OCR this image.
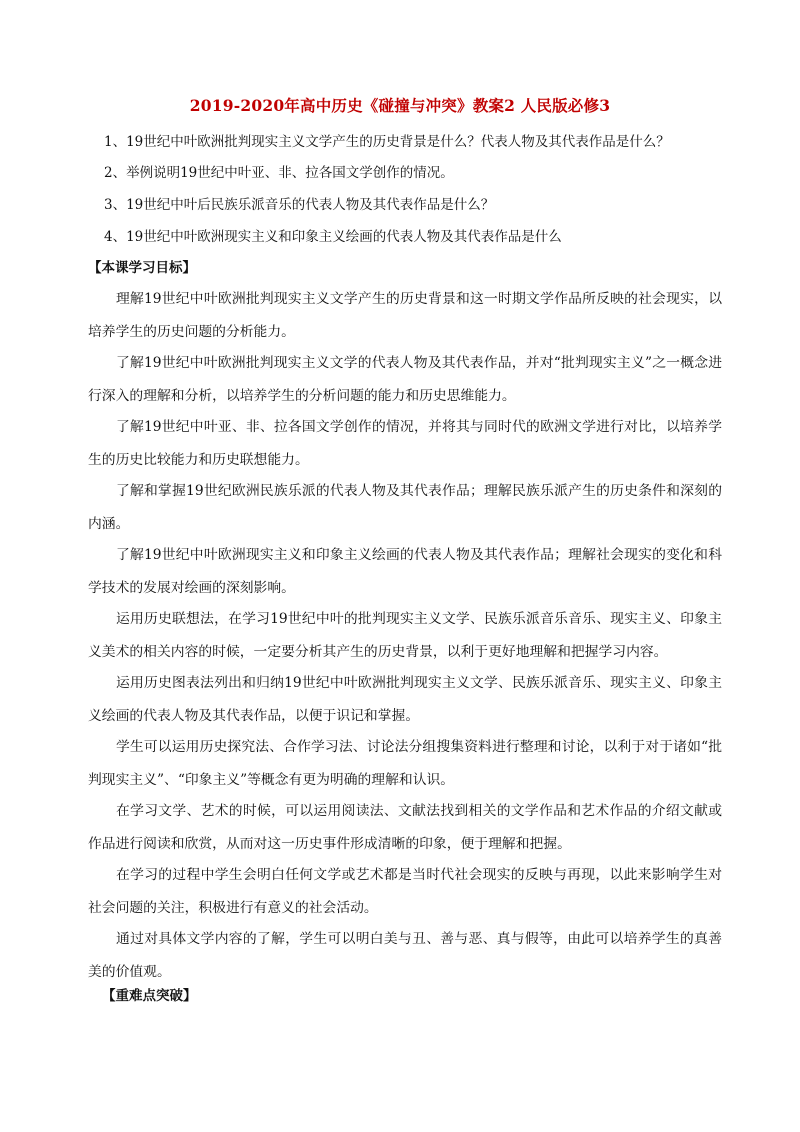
2019-2020年高中历史《碰撞与冲突》教案2 人民版必修3
1、19世纪中叶欧洲批判现实主义文学产生的历史背景是什么？代表人物及其代表作品是什么？
2、举例说明19世纪中叶亚、非、拉各国文学创作的情况。
3、19世纪中叶后民族乐派音乐的代表人物及其代表作品是什么？
4、19世纪中叶欧洲现实主义和印象主义绘画的代表人物及其代表作品是什么
【本课学习目标】

理解19世纪中叶欧洲批判现实主义文学产生的历史背景和这一时期文学作品所反映的社会现实，以培养学生的历史问题的分析能力。

了解19世纪中叶欧洲批判现实主义文学的代表人物及其代表作品，并对“批判现实主义”之一概念进行深入的理解和分析，以培养学生的分析问题的能力和历史思维能力。

了解19世纪中叶亚、非、拉各国文学创作的情况，并将其与同时代的欧洲文学进行对比，以培养学生的历史比较能力和历史联想能力。

了解和掌握19世纪欧洲民族乐派的代表人物及其代表作品；理解民族乐派产生的历史条件和深刻的内涵。

了解19世纪中叶欧洲现实主义和印象主义绘画的代表人物及其代表作品；理解社会现实的变化和科学技术的发展对绘画的深刻影响。

运用历史联想法，在学习19世纪中叶的批判现实主义文学、民族乐派音乐音乐、现实主义、印象主义美术的相关内容的时候，一定要分析其产生的历史背景，以利于更好地理解和把握学习内容。

运用历史图表法列出和归纳19世纪中叶欧洲批判现实主义文学、民族乐派音乐、现实主义、印象主义绘画的代表人物及其代表作品，以便于识记和掌握。

学生可以运用历史探究法、合作学习法、讨论法分组搜集资料进行整理和讨论，以利于对于诸如“批判现实主义”、“印象主义”等概念有更为明确的理解和认识。

在学习文学、艺术的时候，可以运用阅读法、文献法找到相关的文学作品和艺术作品的介绍文献或作品进行阅读和欣赏，从而对这一历史事件形成清晰的印象，便于理解和把握。

在学习的过程中学生会明白任何文学或艺术都是当时代社会现实的反映与再现，以此来影响学生对社会问题的关注，积极进行有意义的社会活动。

通过对具体文学内容的了解，学生可以明白美与丑、善与恶、真与假等，由此可以培养学生的真善美的价值观。

【重难点突破】
